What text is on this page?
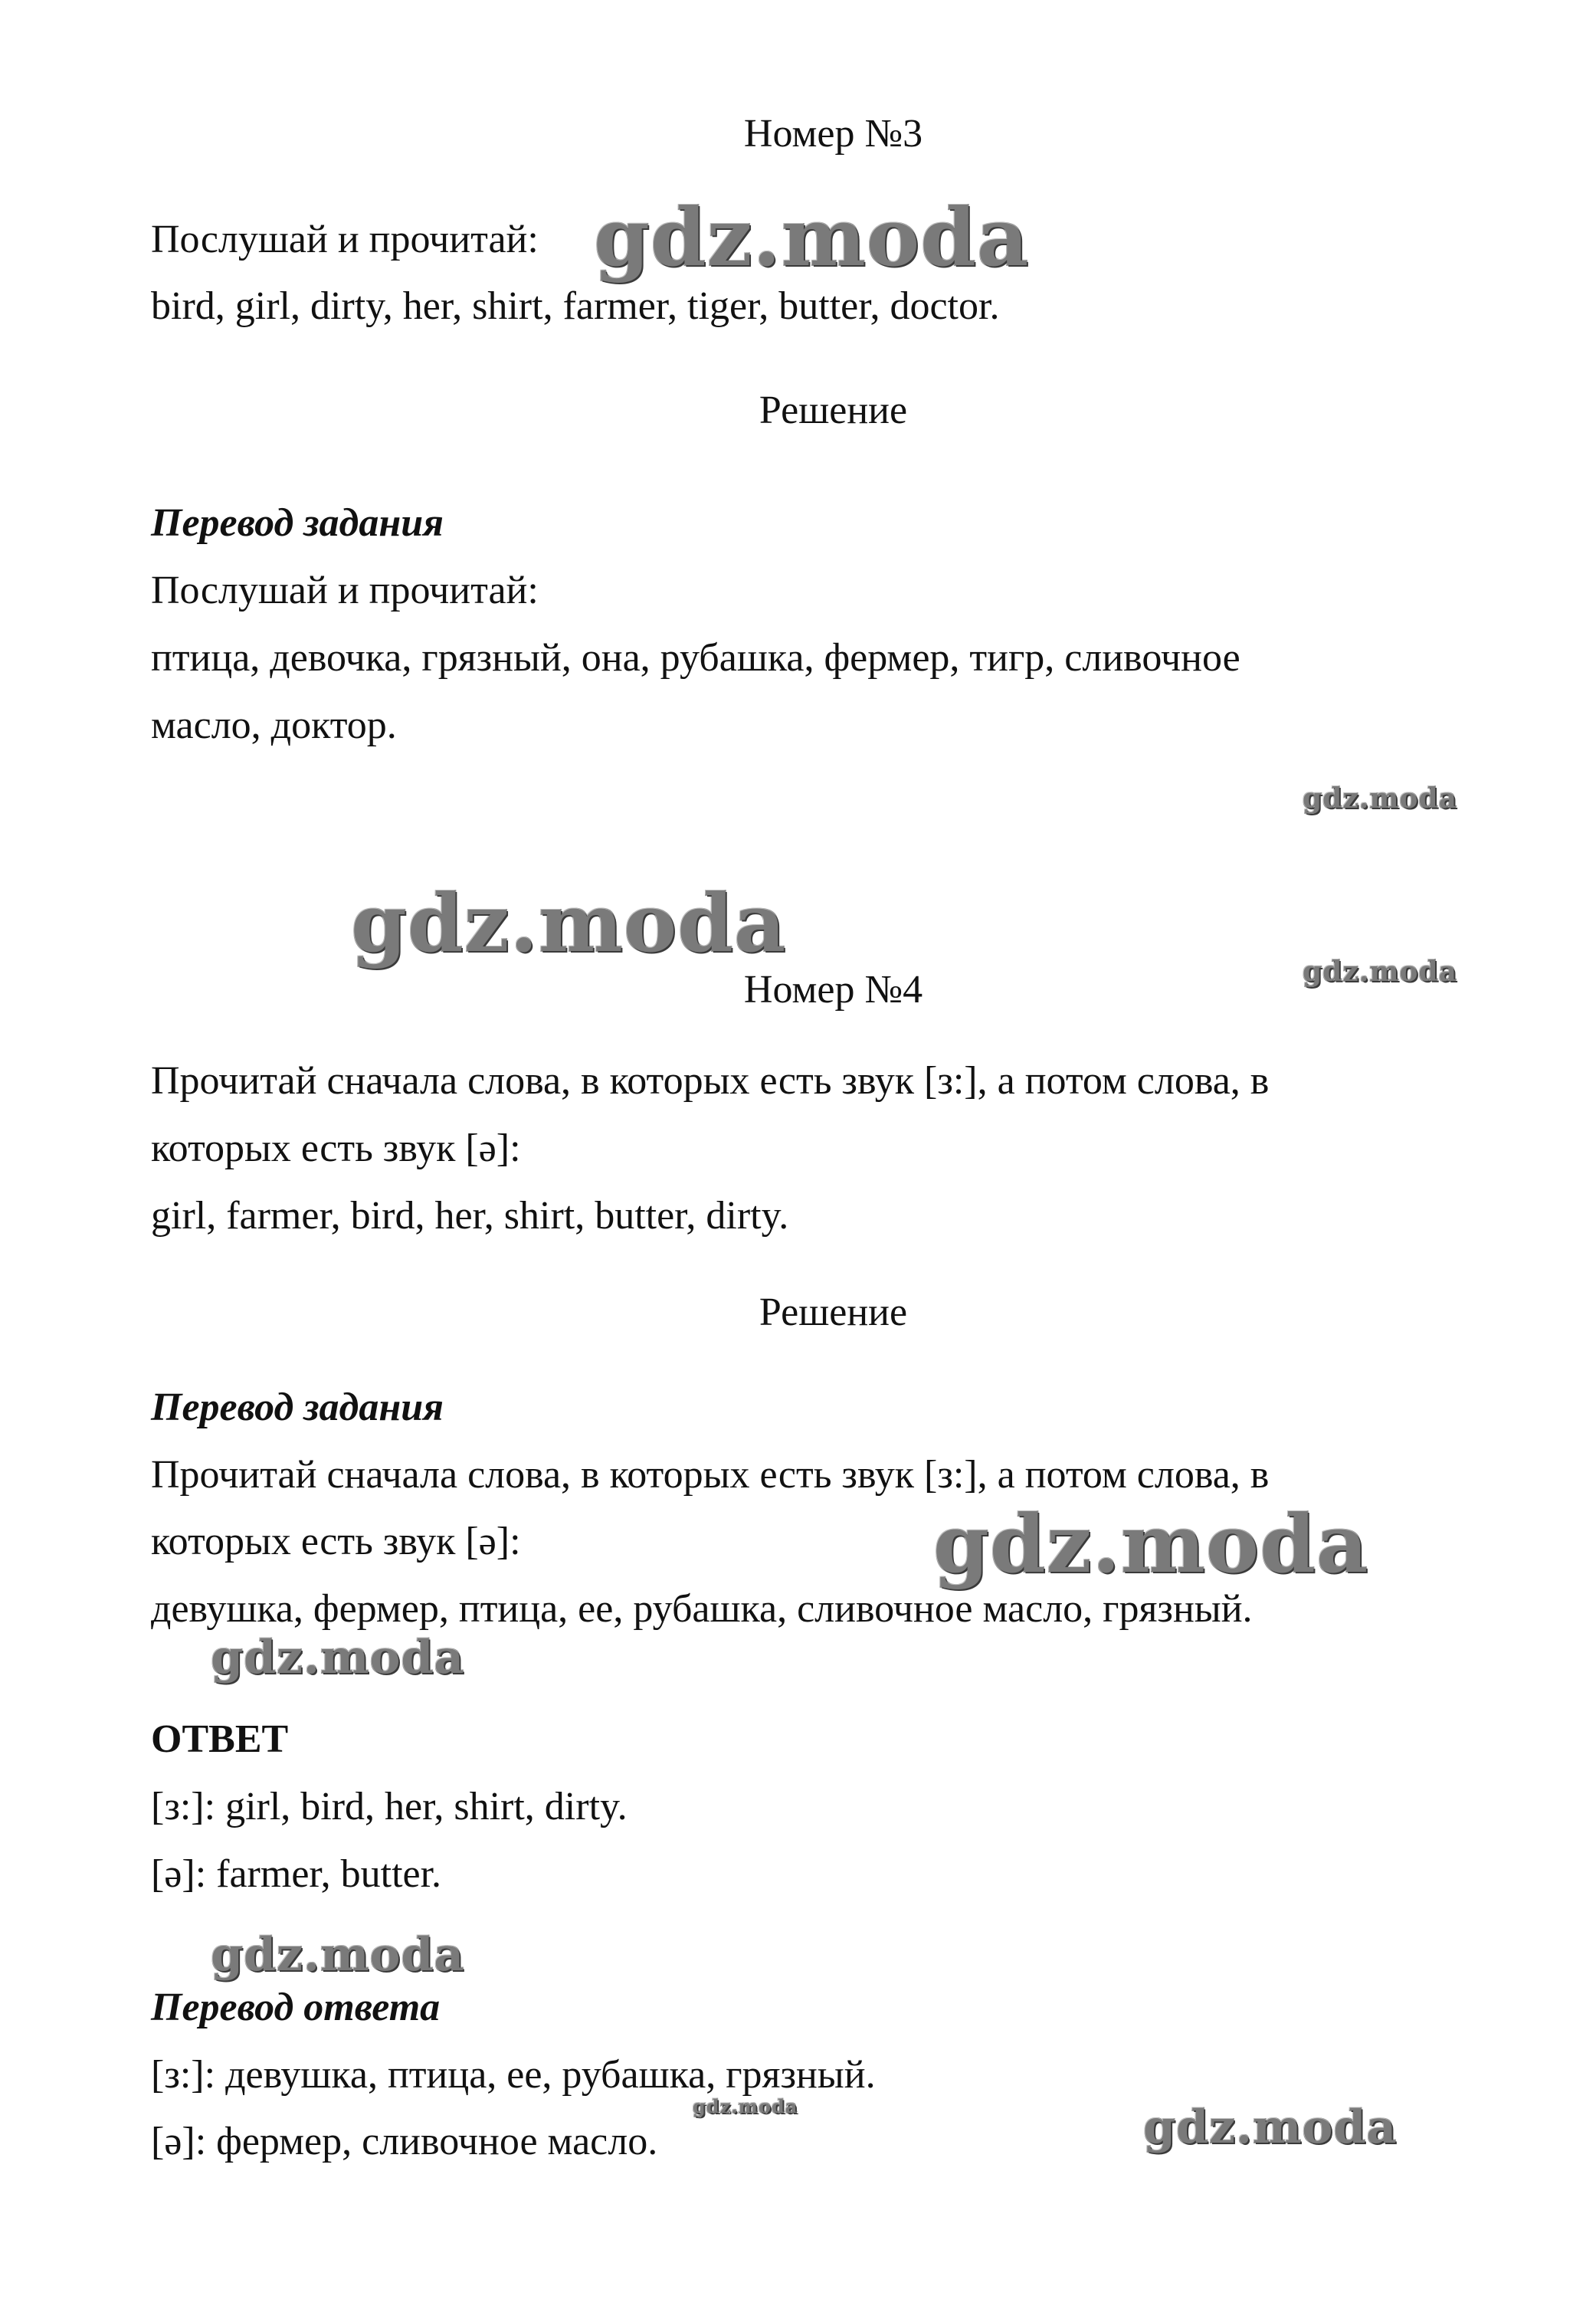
Номер №3
Послушай и прочитай:
bird, girl, dirty, her, shirt, farmer, tiger, butter, doctor.
Решение
Перевод задания
Послушай и прочитай:
птица, девочка, грязный, она, рубашка, фермер, тигр, сливочное
масло, доктор.
Номер №4
Прочитай сначала слова, в которых есть звук [з:], а потом слова, в
которых есть звук [ə]:
girl, farmer, bird, her, shirt, butter, dirty.
Решение
Перевод задания
Прочитай сначала слова, в которых есть звук [з:], а потом слова, в
которых есть звук [ə]:
девушка, фермер, птица, ее, рубашка, сливочное масло, грязный.
ОТВЕТ
[з:]: girl, bird, her, shirt, dirty.
[ə]: farmer, butter.
Перевод ответа
[з:]: девушка, птица, ее, рубашка, грязный.
[ə]: фермер, сливочное масло.
gdz.moda
gdz.moda
gdz.moda
gdz.moda
gdz.moda
gdz.moda
gdz.moda
gdz.moda	gdz.moda
